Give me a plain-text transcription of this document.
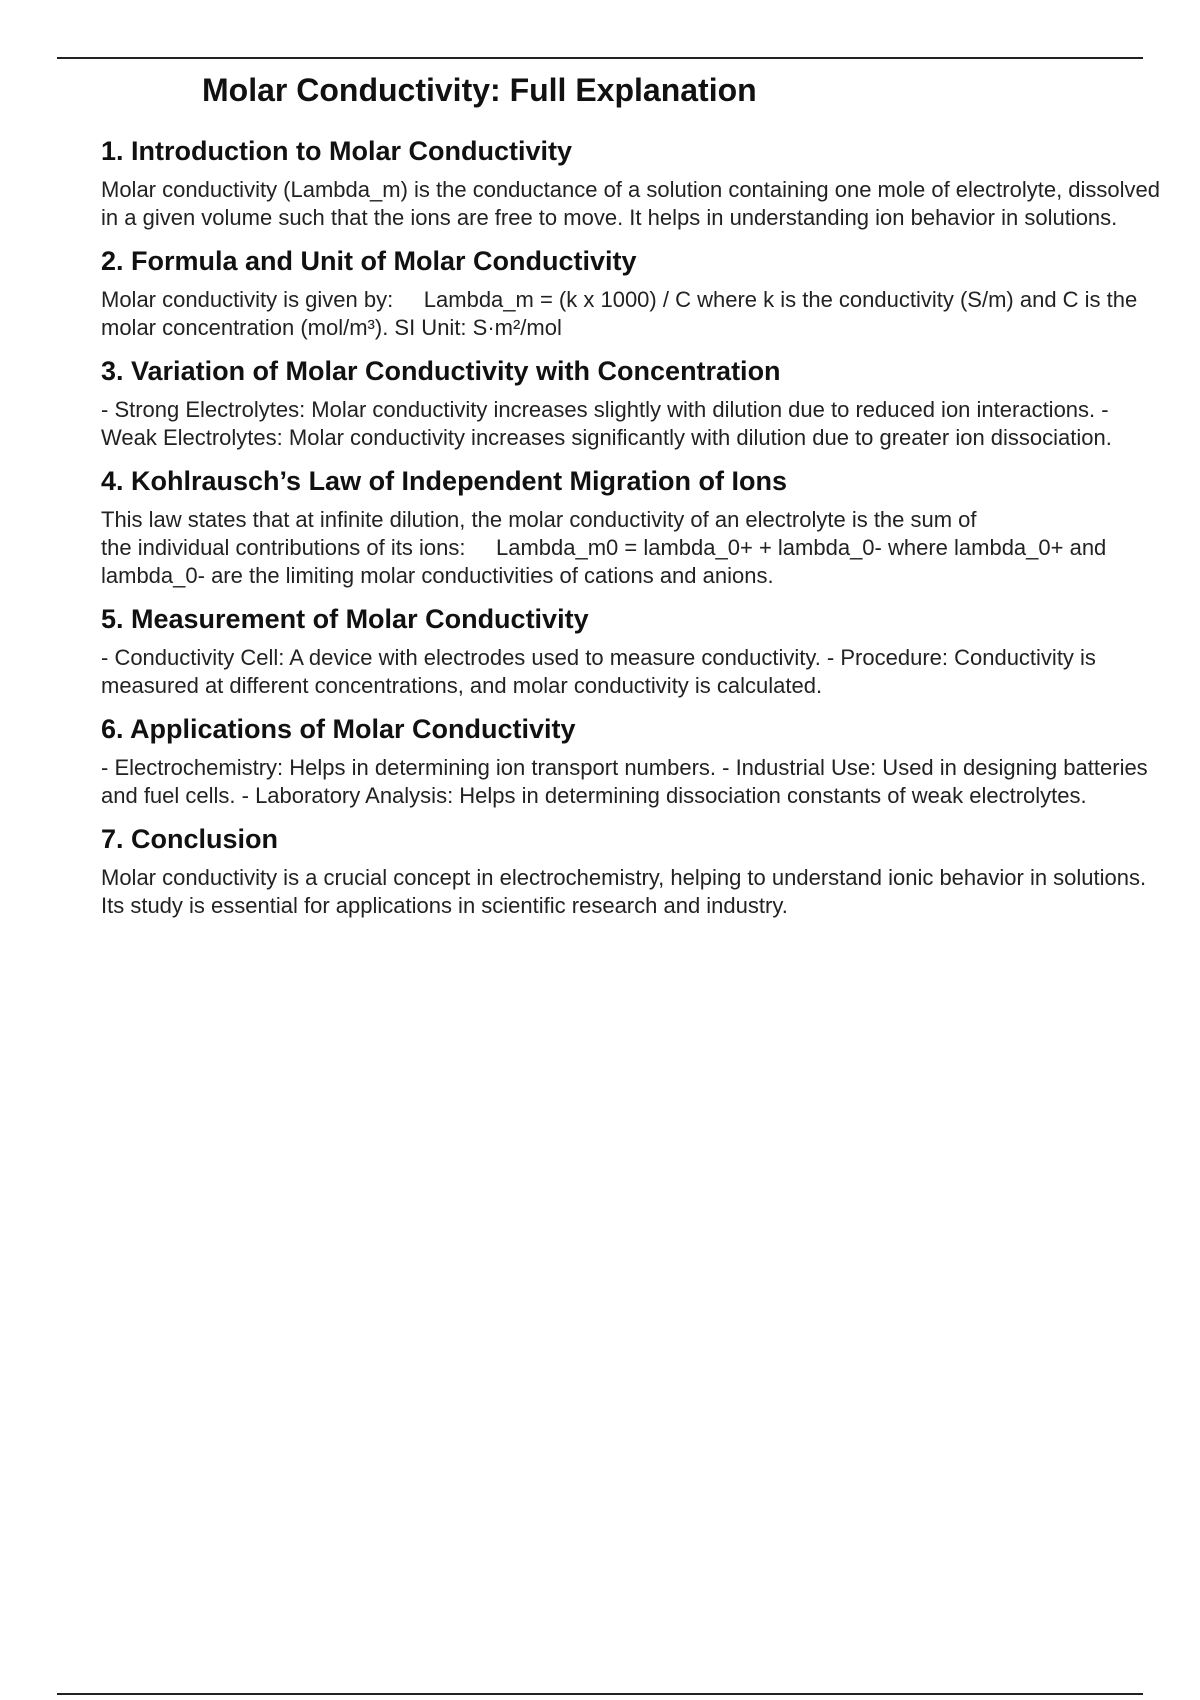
Molar Conductivity: Full Explanation
1. Introduction to Molar Conductivity

Molar conductivity (Lambda_m) is the conductance of a solution containing one mole of electrolyte, dissolved in a given volume such that the ions are free to move. It helps in understanding ion behavior in solutions.

2. Formula and Unit of Molar Conductivity

Molar conductivity is given by:     Lambda_m = (k x 1000) / C where k is the conductivity (S/m) and C is the molar concentration (mol/m³). SI Unit: S·m²/mol

3. Variation of Molar Conductivity with Concentration

- Strong Electrolytes: Molar conductivity increases slightly with dilution due to reduced ion interactions. - Weak Electrolytes: Molar conductivity increases significantly with dilution due to greater ion dissociation.

4. Kohlrausch’s Law of Independent Migration of Ions

This law states that at infinite dilution, the molar conductivity of an electrolyte is the sum of
the individual contributions of its ions:     Lambda_m0 = lambda_0+ + lambda_0- where lambda_0+ and
lambda_0- are the limiting molar conductivities of cations and anions.

5. Measurement of Molar Conductivity

- Conductivity Cell: A device with electrodes used to measure conductivity. - Procedure: Conductivity is measured at different concentrations, and molar conductivity is calculated.

6. Applications of Molar Conductivity

- Electrochemistry: Helps in determining ion transport numbers. - Industrial Use: Used in designing batteries and fuel cells. - Laboratory Analysis: Helps in determining dissociation constants of weak electrolytes.

7. Conclusion

Molar conductivity is a crucial concept in electrochemistry, helping to understand ionic behavior in solutions. Its study is essential for applications in scientific research and industry.
